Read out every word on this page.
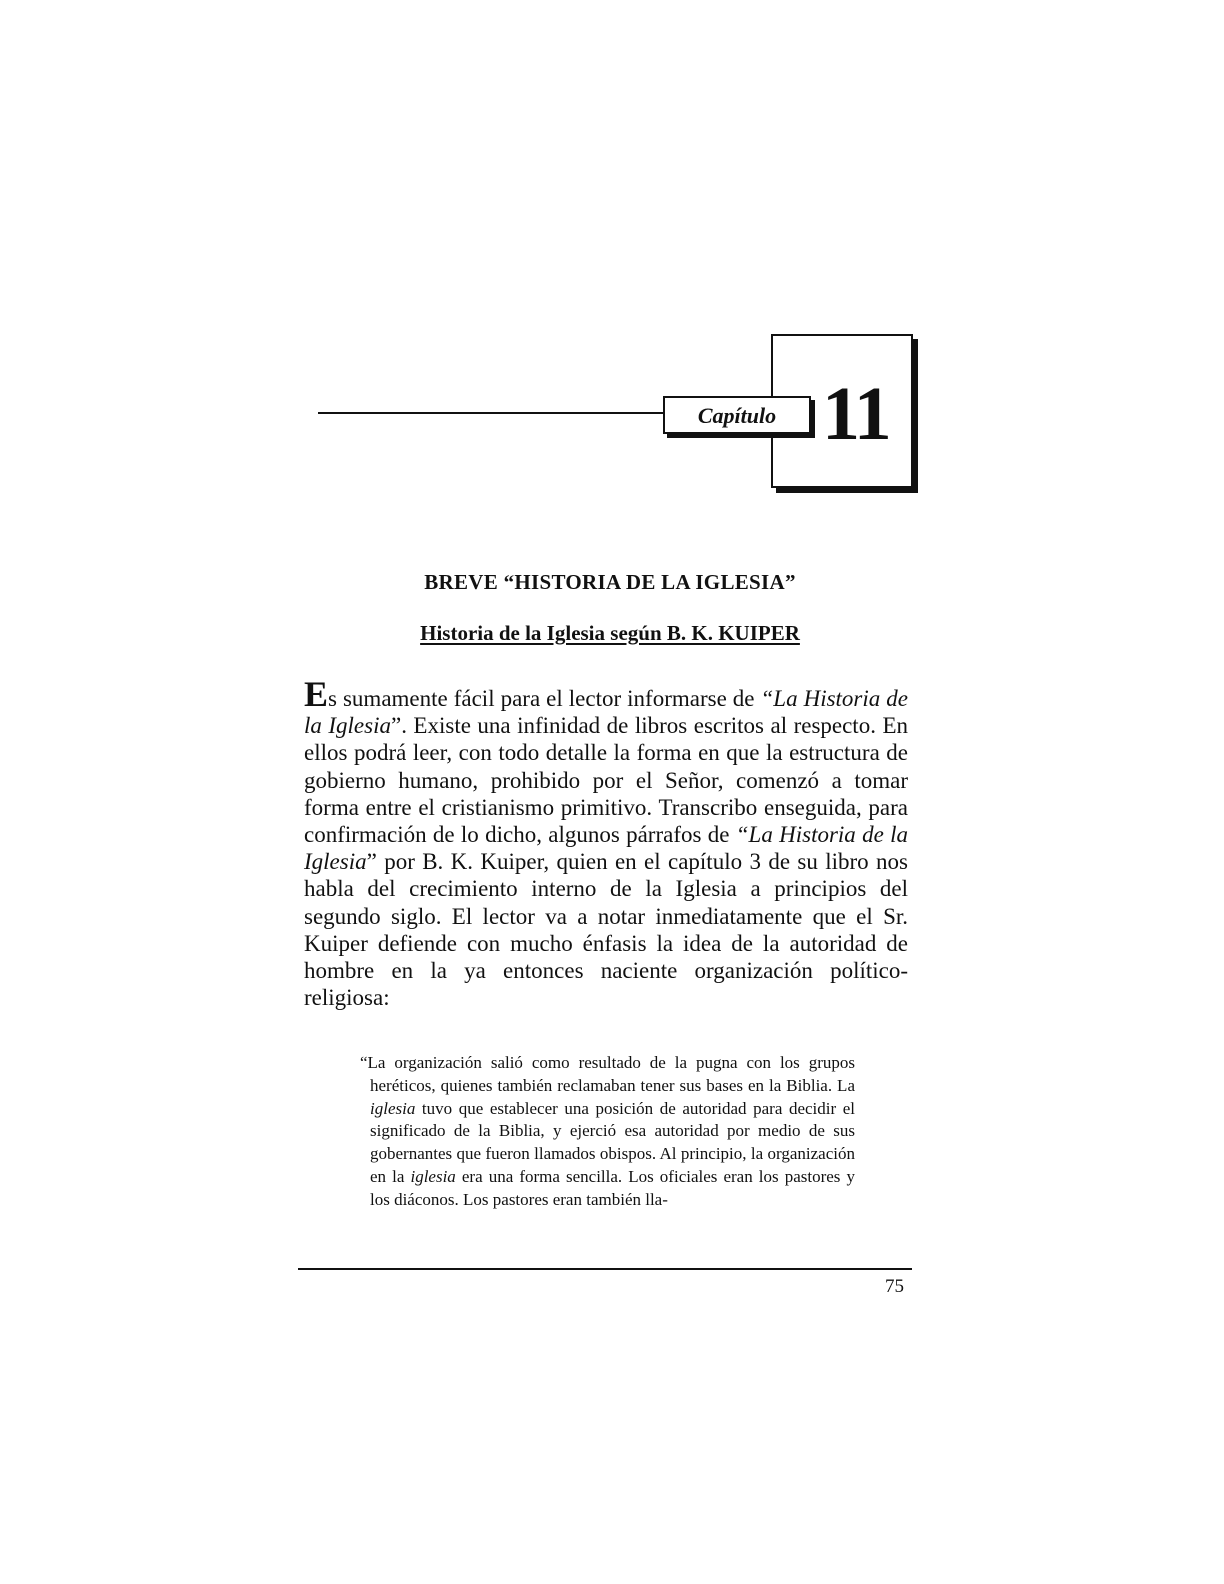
11
Capítulo
BREVE “HISTORIA DE LA IGLESIA”
Historia de la Iglesia según B. K. KUIPER

Es sumamente fácil para el lector informarse de “La Historia de la Iglesia”. Existe una infinidad de libros escritos al respecto. En ellos podrá leer, con todo detalle la forma en que la estructura de gobierno humano, prohibido por el Señor, comenzó a tomar forma entre el cristianismo primitivo. Transcribo enseguida, para confirmación de lo dicho, algunos párrafos de “La Historia de la Iglesia” por B. K. Kuiper, quien en el capítulo 3 de su libro nos habla del crecimiento interno de la Iglesia a principios del segundo siglo. El lector va a notar inmediatamente que el Sr. Kuiper defiende con mucho énfasis la idea de la autoridad de hombre en la ya entonces naciente organización político-religiosa:

“La organización salió como resultado de la pugna con los grupos heréticos, quienes también reclamaban tener sus bases en la Biblia. La iglesia tuvo que establecer una posición de autoridad para decidir el significado de la Biblia, y ejerció esa autoridad por medio de sus gobernantes que fueron llamados obispos. Al principio, la organización en la iglesia era una forma sencilla. Los oficiales eran los pastores y los diáconos. Los pastores eran también lla-

75
